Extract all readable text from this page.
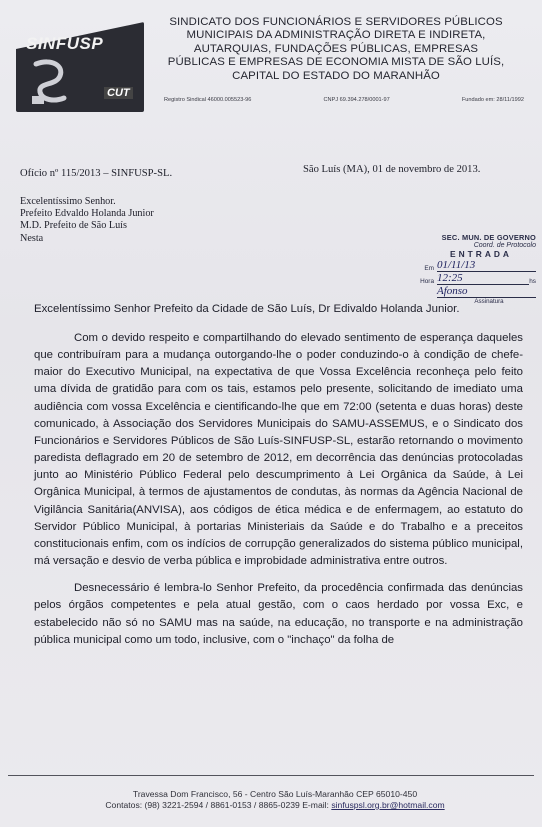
SINFUSP
CUT
SINDICATO DOS FUNCIONÁRIOS E SERVIDORES PÚBLICOS
MUNICIPAIS DA ADMINISTRAÇÃO DIRETA E INDIRETA,
AUTARQUIAS, FUNDAÇÕES PÚBLICAS, EMPRESAS
PÚBLICAS E EMPRESAS DE ECONOMIA MISTA DE SÃO LUÍS,
CAPITAL DO ESTADO DO MARANHÃO
Registro Sindical 46000.005523-96	CNPJ 69.394.278/0001-97	Fundado em: 28/11/1992
Ofício nº 115/2013 – SINFUSP-SL.	São Luís (MA), 01 de novembro de 2013.
Excelentíssimo Senhor.
Prefeito Edvaldo Holanda Junior
M.D. Prefeito de São Luís
Nesta	SEC. MUN. DE GOVERNO
Coord. de Protocolo
ENTRADA
Em 01/11/13
Hora 12:25	hs
Afonso
Assinatura
Excelentíssimo Senhor Prefeito da Cidade de São Luís, Dr Edivaldo Holanda Junior.

Com o devido respeito e compartilhando do elevado sentimento de esperança daqueles que contribuíram para a mudança outorgando-lhe o poder conduzindo-o à condição de chefe-maior do Executivo Municipal, na expectativa de que Vossa Excelência reconheça pelo feito uma dívida de gratidão para com os tais, estamos pelo presente, solicitando de imediato uma audiência com vossa Excelência e cientificando-lhe que em 72:00 (setenta e duas horas) deste comunicado, à Associação dos Servidores Municipais do SAMU-ASSEMUS, e o Sindicato dos Funcionários e Servidores Públicos de São Luís-SINFUSP-SL, estarão retornando o movimento paredista deflagrado em 20 de setembro de 2012, em decorrência das denúncias protocoladas junto ao Ministério Público Federal pelo descumprimento à Lei Orgânica da Saúde, à Lei Orgânica Municipal, à termos de ajustamentos de condutas, às normas da Agência Nacional de Vigilância Sanitária(ANVISA), aos códigos de ética médica e de enfermagem, ao estatuto do Servidor Público Municipal, à portarias Ministeriais da Saúde e do Trabalho e a preceitos constitucionais enfim, com os indícios de corrupção generalizados do sistema público municipal, má versação e desvio de verba pública e improbidade administrativa entre outros.

Desnecessário é lembra-lo Senhor Prefeito, da procedência confirmada das denúncias pelos órgãos competentes e pela atual gestão, com o caos herdado por vossa Exc, e estabelecido não só no SAMU mas na saúde, na educação, no transporte e na administração pública municipal como um todo, inclusive, com o "inchaço" da folha de

Travessa Dom Francisco, 56 - Centro São Luís-Maranhão CEP 65010-450
Contatos: (98) 3221-2594 / 8861-0153 / 8865-0239 E-mail: sinfuspsl.org.br@hotmail.com
